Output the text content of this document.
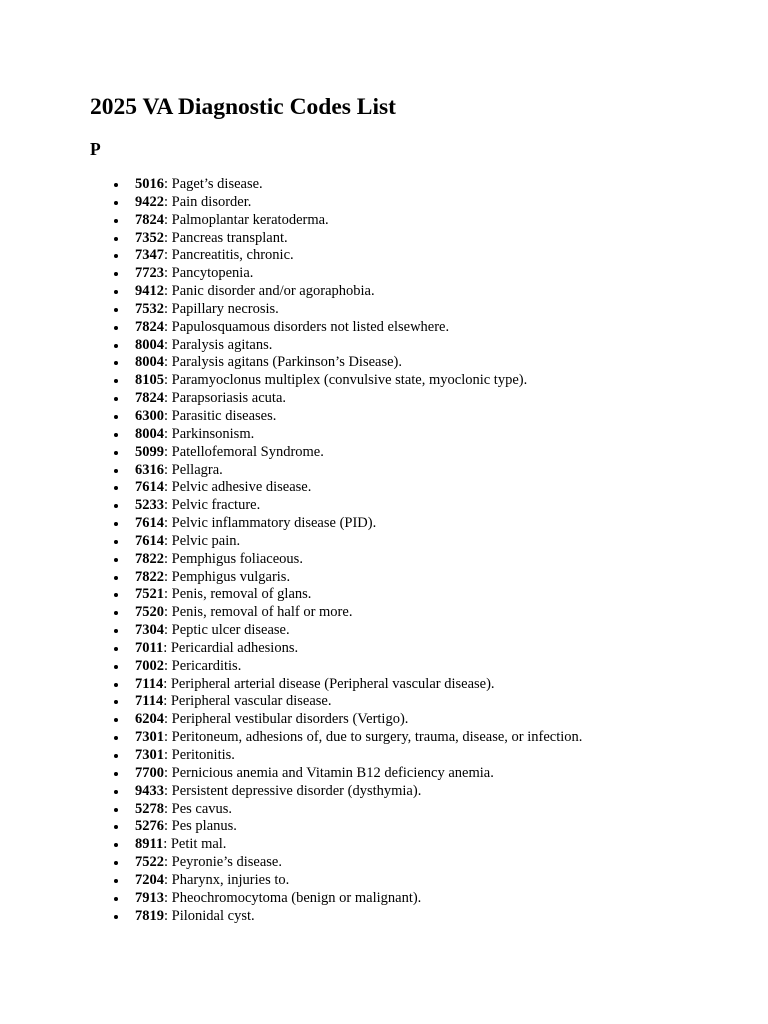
2025 VA Diagnostic Codes List
P
5016: Paget’s disease.
9422: Pain disorder.
7824: Palmoplantar keratoderma.
7352: Pancreas transplant.
7347: Pancreatitis, chronic.
7723: Pancytopenia.
9412: Panic disorder and/or agoraphobia.
7532: Papillary necrosis.
7824: Papulosquamous disorders not listed elsewhere.
8004: Paralysis agitans.
8004: Paralysis agitans (Parkinson’s Disease).
8105: Paramyoclonus multiplex (convulsive state, myoclonic type).
7824: Parapsoriasis acuta.
6300: Parasitic diseases.
8004: Parkinsonism.
5099: Patellofemoral Syndrome.
6316: Pellagra.
7614: Pelvic adhesive disease.
5233: Pelvic fracture.
7614: Pelvic inflammatory disease (PID).
7614: Pelvic pain.
7822: Pemphigus foliaceous.
7822: Pemphigus vulgaris.
7521: Penis, removal of glans.
7520: Penis, removal of half or more.
7304: Peptic ulcer disease.
7011: Pericardial adhesions.
7002: Pericarditis.
7114: Peripheral arterial disease (Peripheral vascular disease).
7114: Peripheral vascular disease.
6204: Peripheral vestibular disorders (Vertigo).
7301: Peritoneum, adhesions of, due to surgery, trauma, disease, or infection.
7301: Peritonitis.
7700: Pernicious anemia and Vitamin B12 deficiency anemia.
9433: Persistent depressive disorder (dysthymia).
5278: Pes cavus.
5276: Pes planus.
8911: Petit mal.
7522: Peyronie’s disease.
7204: Pharynx, injuries to.
7913: Pheochromocytoma (benign or malignant).
7819: Pilonidal cyst.
